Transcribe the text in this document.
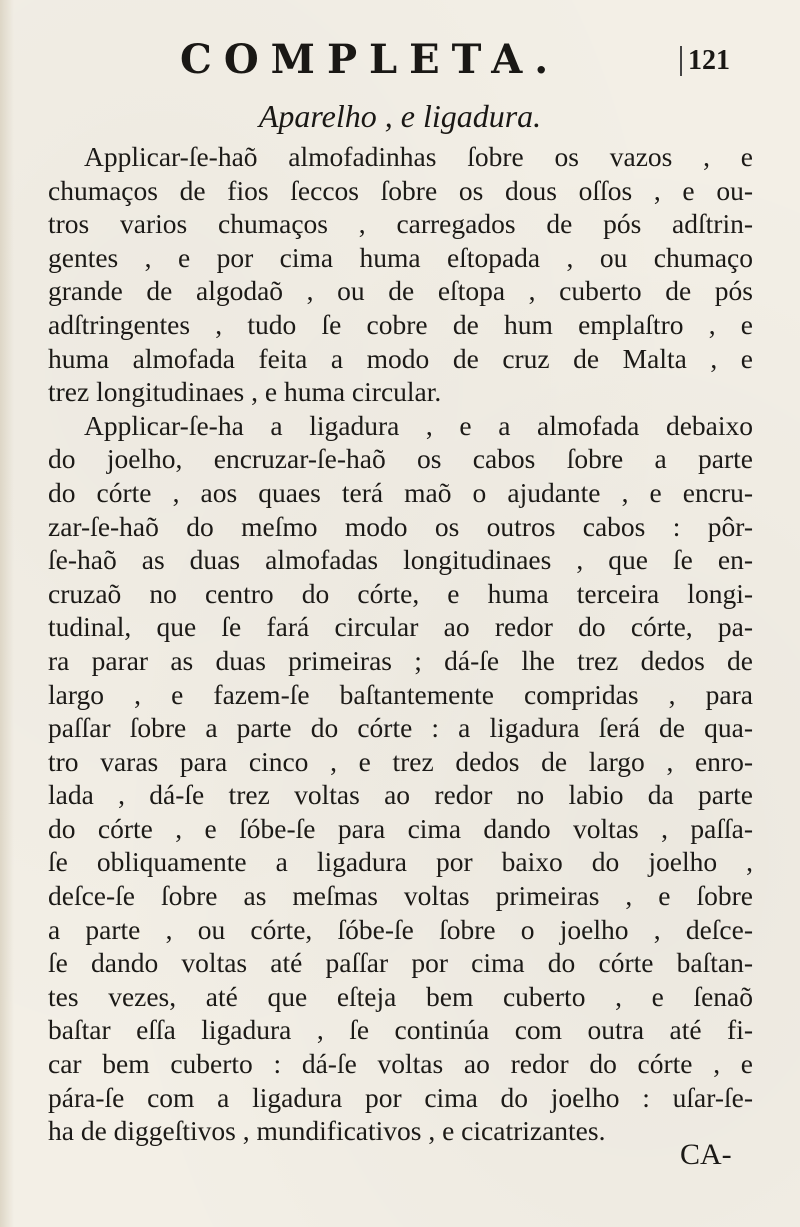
COMPLETA.	121
Aparelho , e ligadura.
Applicar-ſe-haõ almofadinhas ſobre os vazos , e
chumaços de fios ſeccos ſobre os dous oſſos , e ou-
tros varios chumaços , carregados de pós adſtrin-
gentes , e por cima huma eſtopada , ou chumaço
grande de algodaõ , ou de eſtopa , cuberto de pós
adſtringentes , tudo ſe cobre de hum emplaſtro , e
huma almofada feita a modo de cruz de Malta , e
trez longitudinaes , e huma circular.
Applicar-ſe-ha a ligadura , e a almofada debaixo
do joelho, encruzar-ſe-haõ os cabos ſobre a parte
do córte , aos quaes terá maõ o ajudante , e encru-
zar-ſe-haõ do meſmo modo os outros cabos : pôr-
ſe-haõ as duas almofadas longitudinaes , que ſe en-
cruzaõ no centro do córte, e huma terceira longi-
tudinal, que ſe fará circular ao redor do córte, pa-
ra parar as duas primeiras ; dá-ſe lhe trez dedos de
largo , e fazem-ſe baſtantemente compridas , para
paſſar ſobre a parte do córte : a ligadura ſerá de qua-
tro varas para cinco , e trez dedos de largo , enro-
lada , dá-ſe trez voltas ao redor no labio da parte
do córte , e ſóbe-ſe para cima dando voltas , paſſa-
ſe obliquamente a ligadura por baixo do joelho ,
deſce-ſe ſobre as meſmas voltas primeiras , e ſobre
a parte , ou córte, ſóbe-ſe ſobre o joelho , deſce-
ſe dando voltas até paſſar por cima do córte baſtan-
tes vezes, até que eſteja bem cuberto , e ſenaõ
baſtar eſſa ligadura , ſe continúa com outra até fi-
car bem cuberto : dá-ſe voltas ao redor do córte , e
pára-ſe com a ligadura por cima do joelho : uſar-ſe-
ha de diggeſtivos , mundificativos , e cicatrizantes.
CA-
